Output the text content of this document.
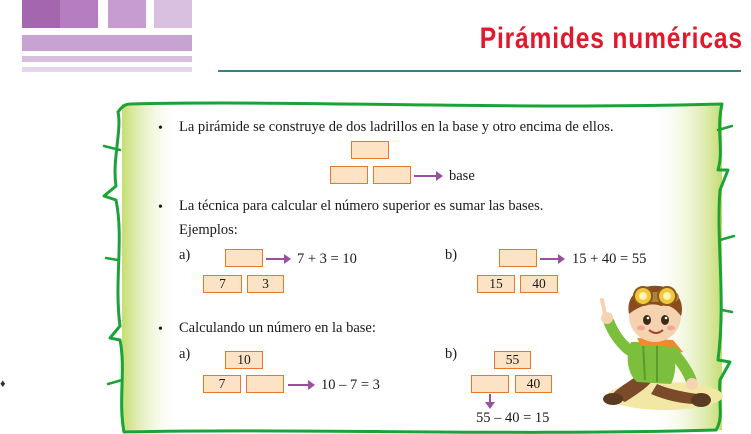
Pirámides numéricas
♦
• La pirámide se construye de dos ladrillos en la base y otro encima de ellos.
base
• La técnica para calcular el número superior es sumar las bases.
Ejemplos:
a)	7 + 3 = 10
7	3
b)	15 + 40 = 55
15	40
• Calculando un número en la base:
a)	10
7	10 – 7 = 3
b)	55
40
55 – 40 = 15
